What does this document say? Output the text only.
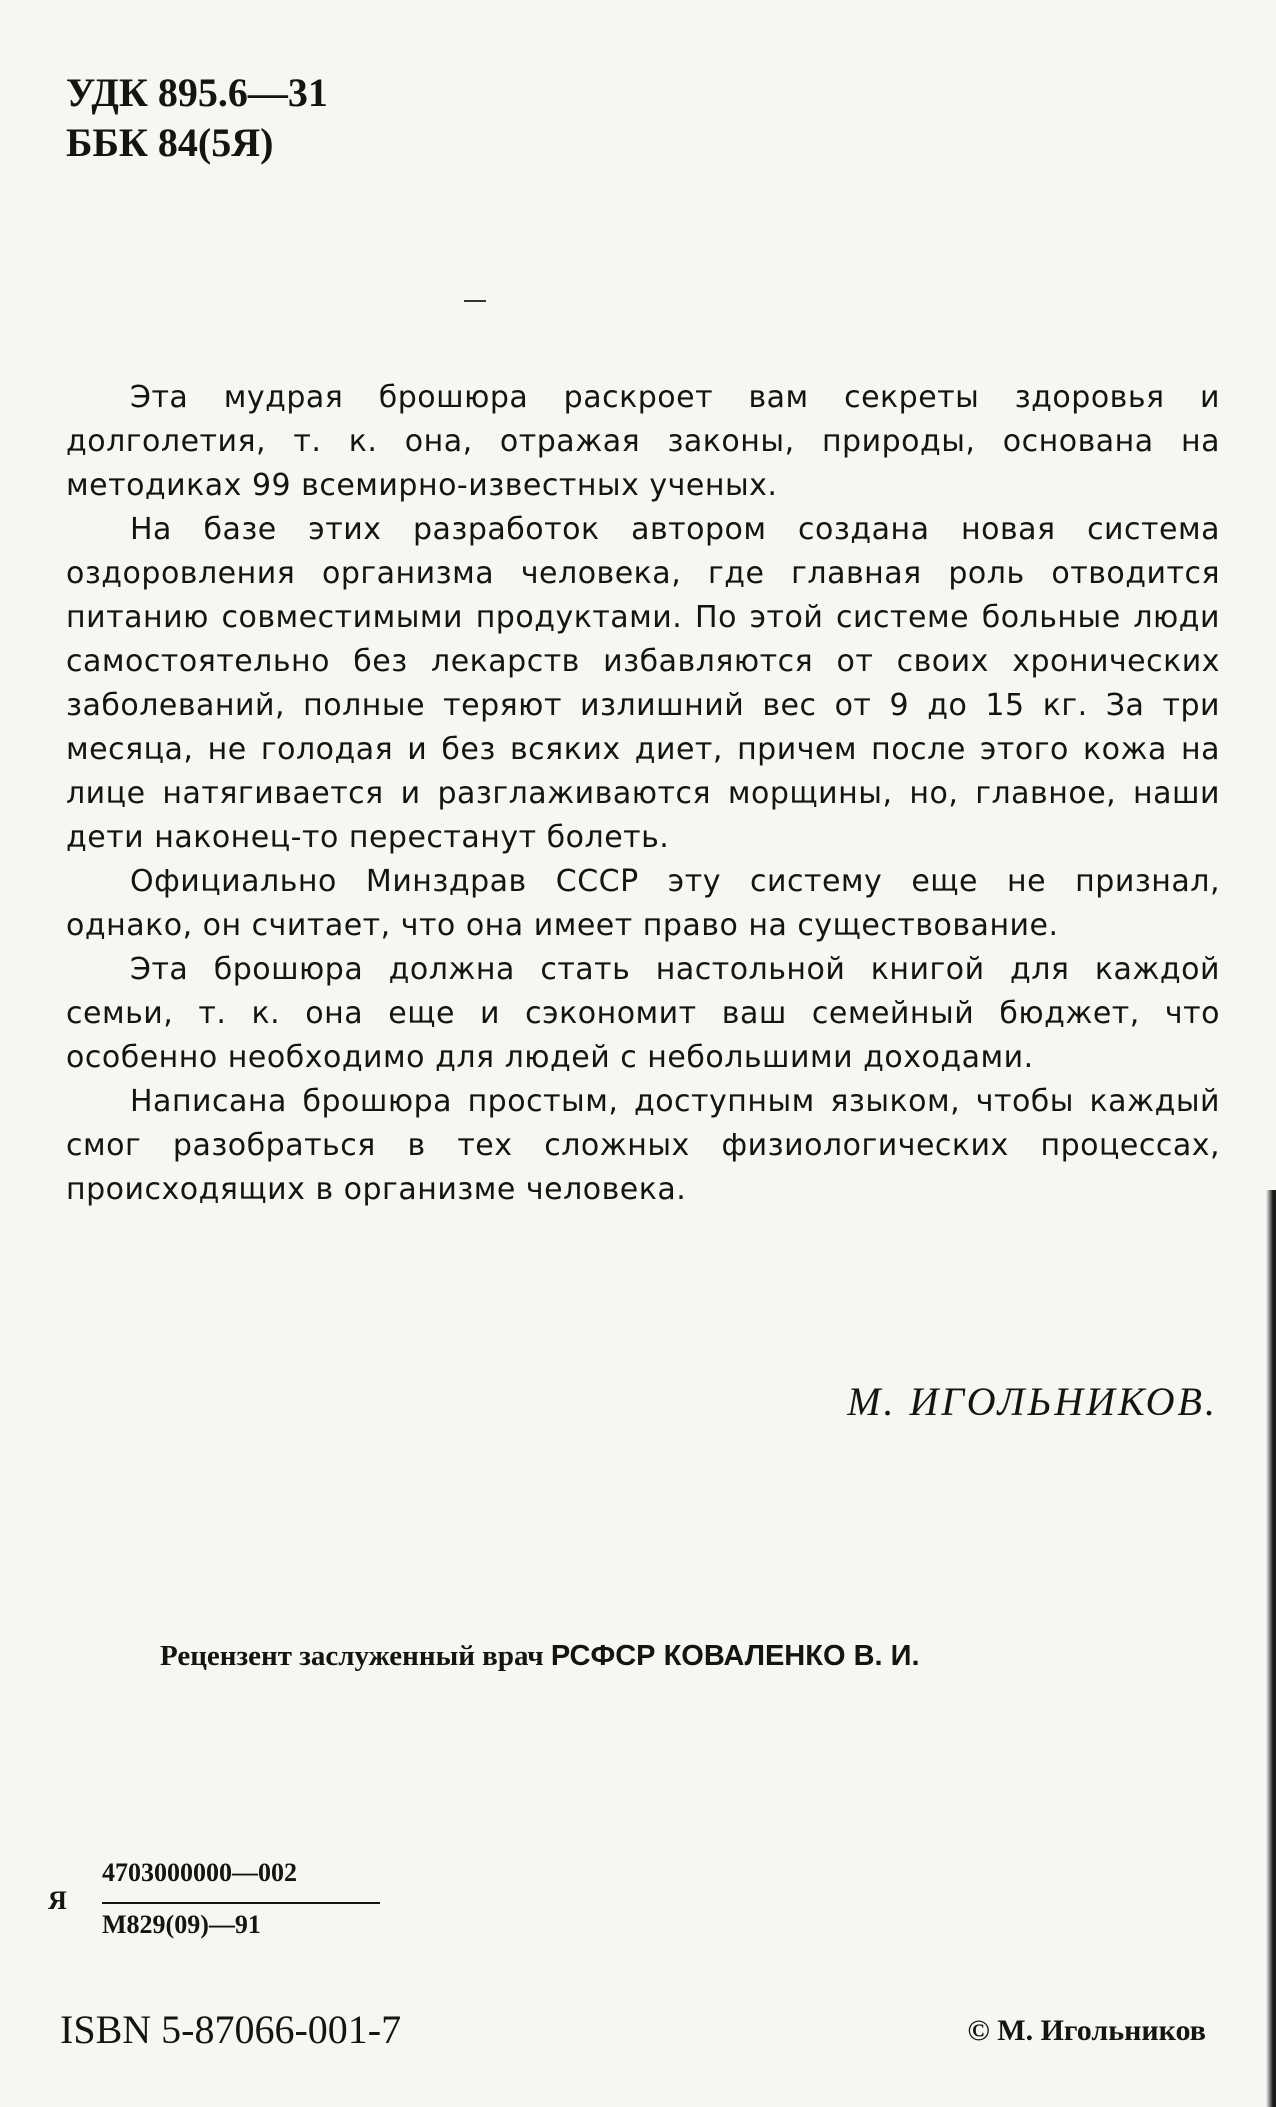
УДК 895.6—31
ББК 84(5Я)

Эта мудрая брошюра раскроет вам секреты здоровья и долголетия, т. к. она, отражая законы, природы, основана на методиках 99 всемирно-известных ученых.

На базе этих разработок автором создана новая система оздоровления организма человека, где главная роль отводится питанию совместимыми продуктами. По этой системе больные люди самостоятельно без лекарств избавляются от своих хронических заболеваний, полные теряют излишний вес от 9 до 15 кг. За три месяца, не голодая и без всяких диет, причем после этого кожа на лице натягивается и разглаживаются морщины, но, главное, наши дети наконец-то перестанут болеть.

Официально Минздрав СССР эту систему еще не признал, однако, он считает, что она имеет право на существование.

Эта брошюра должна стать настольной книгой для каждой семьи, т. к. она еще и сэкономит ваш семейный бюджет, что особенно необходимо для людей с небольшими доходами.

Написана брошюра простым, доступным языком, чтобы каждый смог разобраться в тех сложных физиологических процессах, происходящих в организме человека.

М. ИГОЛЬНИКОВ.
Рецензент заслуженный врач РСФСР КОВАЛЕНКО В. И.
Я
4703000000—002
М829(09)—91
ISBN 5-87066-001-7	© М. Игольников
